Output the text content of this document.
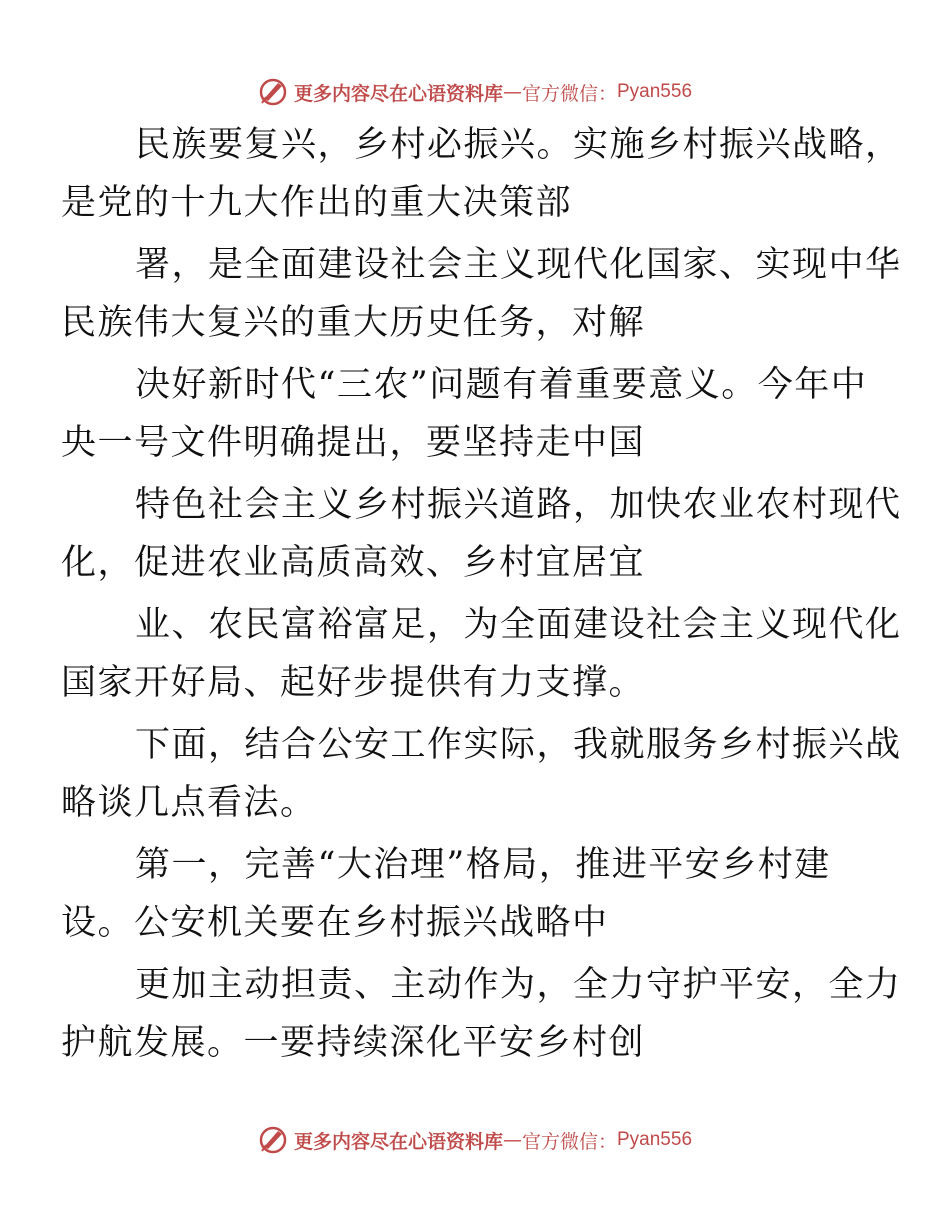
更多内容尽在心语资料库 — 官方微信： Pyan556

民族要复兴，乡村必振兴。实施乡村振兴战略，
是党的十九大作出的重大决策部

署，是全面建设社会主义现代化国家、实现中华
民族伟大复兴的重大历史任务，对解

决好新时代“三农”问题有着重要意义。今年中
央一号文件明确提出，要坚持走中国

特色社会主义乡村振兴道路，加快农业农村现代
化，促进农业高质高效、乡村宜居宜

业、农民富裕富足，为全面建设社会主义现代化
国家开好局、起好步提供有力支撑。

下面，结合公安工作实际，我就服务乡村振兴战
略谈几点看法。

第一，完善“大治理”格局，推进平安乡村建
设。公安机关要在乡村振兴战略中

更加主动担责、主动作为，全力守护平安，全力
护航发展。一要持续深化平安乡村创

更多内容尽在心语资料库 — 官方微信： Pyan556
